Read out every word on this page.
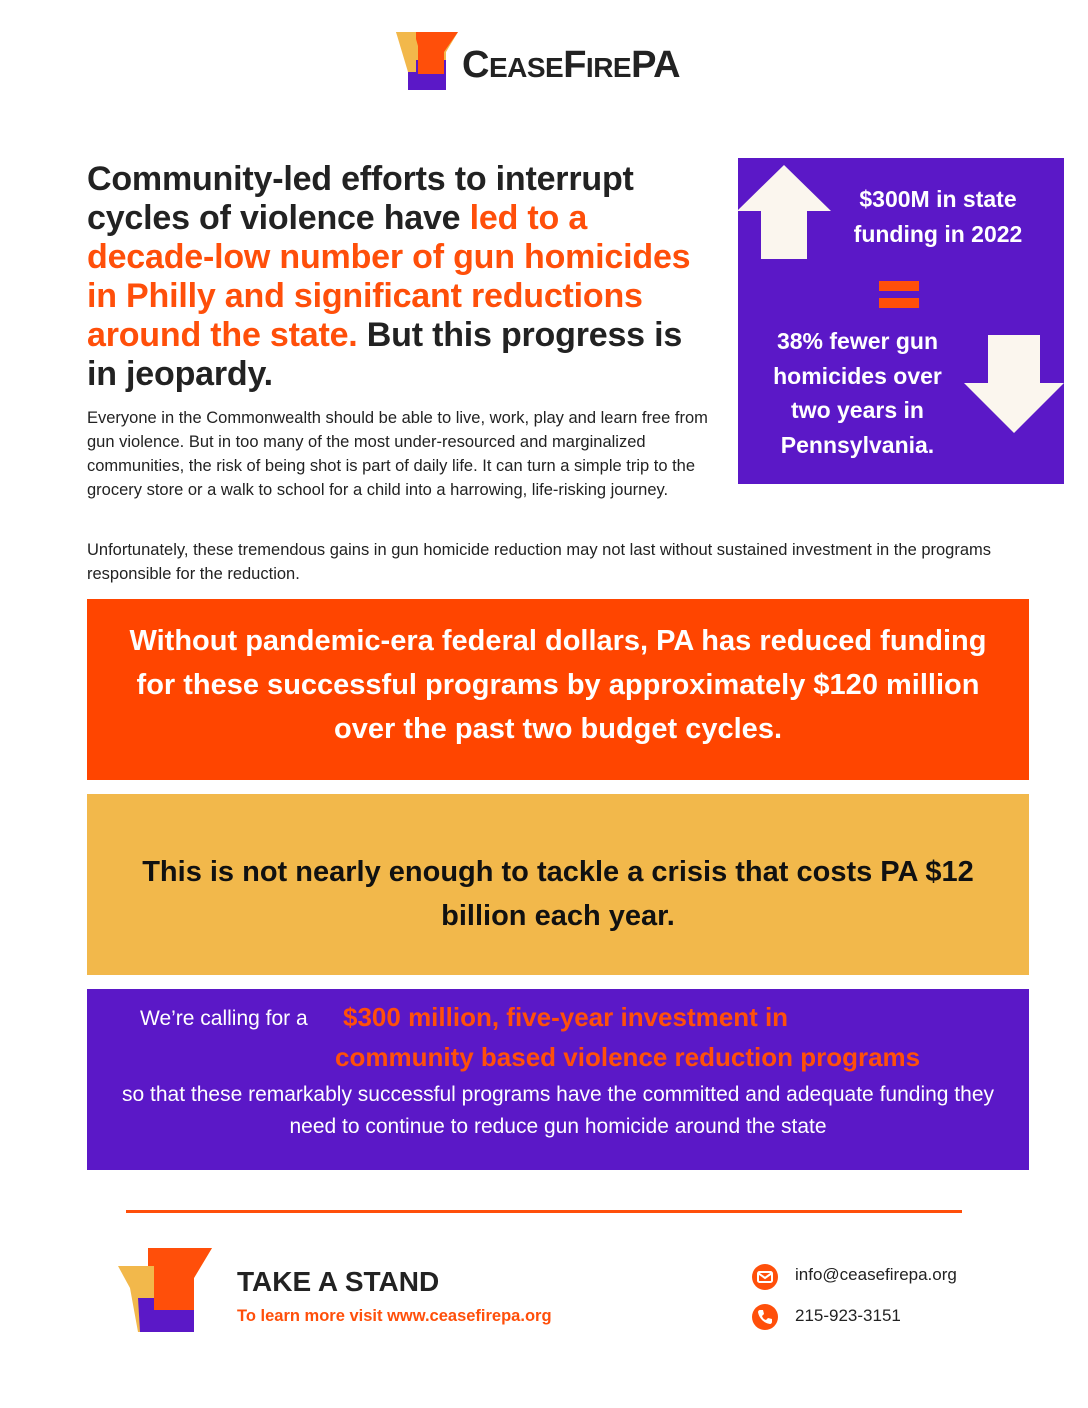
CEASEFIREPA
Community-led efforts to interrupt cycles of violence have led to a decade-low number of gun homicides in Philly and significant reductions around the state. But this progress is in jeopardy.

Everyone in the Commonwealth should be able to live, work, play and learn free from gun violence. But in too many of the most under-resourced and marginalized communities, the risk of being shot is part of daily life. It can turn a simple trip to the grocery store or a walk to school for a child into a harrowing, life-risking journey.

Unfortunately, these tremendous gains in gun homicide reduction may not last without sustained investment in the programs responsible for the reduction.

$300M in state funding in 2022

38% fewer gun homicides over two years in Pennsylvania.

Without pandemic-era federal dollars, PA has reduced funding for these successful programs by approximately $120 million over the past two budget cycles.
This is not nearly enough to tackle a crisis that costs PA $12 billion each year.
We’re calling for a $300 million, five-year investment in

community based violence reduction programs

so that these remarkably successful programs have the committed and adequate funding they need to continue to reduce gun homicide around the state

TAKE A STAND

To learn more visit www.ceasefirepa.org

info@ceasefirepa.org

215-923-3151
